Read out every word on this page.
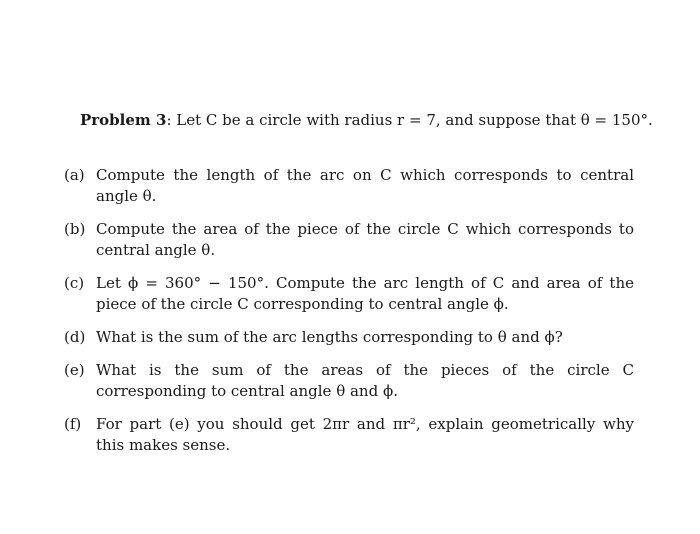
Problem 3: Let C be a circle with radius r = 7, and suppose that θ = 150°.
(a) Compute the length of the arc on C which corresponds to central angle θ.
(b) Compute the area of the piece of the circle C which corresponds to central angle θ.
(c) Let ϕ = 360° − 150°. Compute the arc length of C and area of the piece of the circle C corresponding to central angle ϕ.
(d) What is the sum of the arc lengths corresponding to θ and ϕ?
(e) What is the sum of the areas of the pieces of the circle C corresponding to central angle θ and ϕ.
(f) For part (e) you should get 2πr and πr², explain geometrically why this makes sense.
